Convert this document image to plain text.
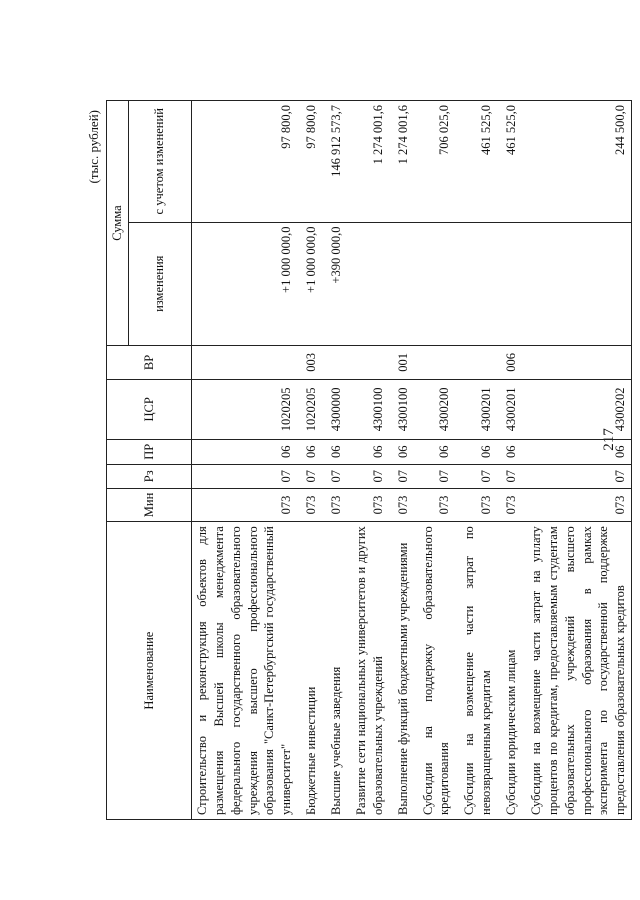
217
(тыс. рублей)
Наименование	Мин	Рз	ПР	ЦСР	ВР	Сумма	
						изменения	с учетом изменений
Строительство и реконструкция объектов для размещения Высшей школы менеджмента федерального государственного образовательного учреждения высшего профессионального образования "Санкт-Петербургский государственный университет"	073	07	06	1020205		+1 000 000,0	97 800,0
Бюджетные инвестиции	073	07	06	1020205	003	+1 000 000,0	97 800,0
Высшие учебные заведения	073	07	06	4300000		+390 000,0	146 912 573,7
Развитие сети национальных университетов и других образовательных учреждений	073	07	06	4300100			1 274 001,6
Выполнение функций бюджетными учреждениями	073	07	06	4300100	001		1 274 001,6
Субсидии на поддержку образовательного кредитования	073	07	06	4300200			706 025,0
Субсидии на возмещение части затрат по невозвращенным кредитам	073	07	06	4300201			461 525,0
Субсидии юридическим лицам	073	07	06	4300201	006		461 525,0
Субсидии на возмещение части затрат на уплату процентов по кредитам, предоставляемым студентам образовательных учреждений высшего профессионального образования в рамках эксперимента по государственной поддержке предоставления образовательных кредитов	073	07	06	4300202			244 500,0
